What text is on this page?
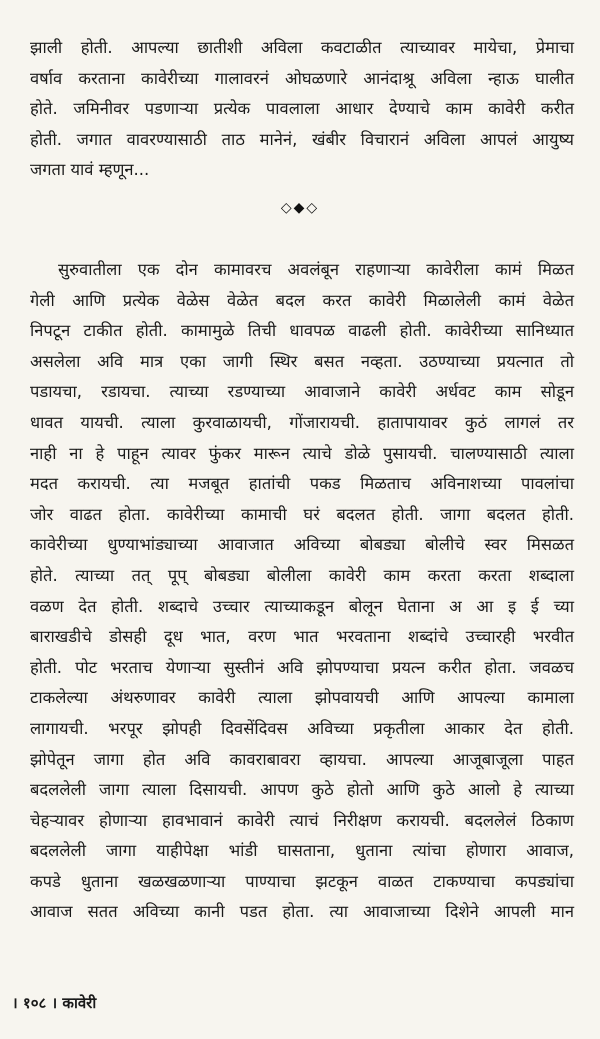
झाली होती. आपल्या छातीशी अविला कवटाळीत त्याच्यावर मायेचा, प्रेमाचा
वर्षाव करताना कावेरीच्या गालावरनं ओघळणारे आनंदाश्रू अविला न्हाऊ घालीत
होते. जमिनीवर पडणाऱ्या प्रत्येक पावलाला आधार देण्याचे काम कावेरी करीत
होती. जगात वावरण्यासाठी ताठ मानेनं, खंबीर विचारानं अविला आपलं आयुष्य
जगता यावं म्हणून...
◇◆◇
सुरुवातीला एक दोन कामावरच अवलंबून राहणाऱ्या कावेरीला कामं मिळत
गेली आणि प्रत्येक वेळेस वेळेत बदल करत कावेरी मिळालेली कामं वेळेत
निपटून टाकीत होती. कामामुळे तिची धावपळ वाढली होती. कावेरीच्या सानिध्यात
असलेला अवि मात्र एका जागी स्थिर बसत नव्हता. उठण्याच्या प्रयत्नात तो
पडायचा, रडायचा. त्याच्या रडण्याच्या आवाजाने कावेरी अर्धवट काम सोडून
धावत यायची. त्याला कुरवाळायची, गोंजारायची. हातापायावर कुठं लागलं तर
नाही ना हे पाहून त्यावर फुंकर मारून त्याचे डोळे पुसायची. चालण्यासाठी त्याला
मदत करायची. त्या मजबूत हातांची पकड मिळताच अविनाशच्या पावलांचा
जोर वाढत होता. कावेरीच्या कामाची घरं बदलत होती. जागा बदलत होती.
कावेरीच्या धुण्याभांड्याच्या आवाजात अविच्या बोबड्या बोलीचे स्वर मिसळत
होते. त्याच्या तत् पूप् बोबड्या बोलीला कावेरी काम करता करता शब्दाला
वळण देत होती. शब्दाचे उच्चार त्याच्याकडून बोलून घेताना अ आ इ ई च्या
बाराखडीचे डोसही दूध भात, वरण भात भरवताना शब्दांचे उच्चारही भरवीत
होती. पोट भरताच येणाऱ्या सुस्तीनं अवि झोपण्याचा प्रयत्न करीत होता. जवळच
टाकलेल्या अंथरुणावर कावेरी त्याला झोपवायची आणि आपल्या कामाला
लागायची. भरपूर झोपही दिवसेंदिवस अविच्या प्रकृतीला आकार देत होती.
झोपेतून जागा होत अवि कावराबावरा व्हायचा. आपल्या आजूबाजूला पाहत
बदललेली जागा त्याला दिसायची. आपण कुठे होतो आणि कुठे आलो हे त्याच्या
चेहऱ्यावर होणाऱ्या हावभावानं कावेरी त्याचं निरीक्षण करायची. बदललेलं ठिकाण
बदललेली जागा याहीपेक्षा भांडी घासताना, धुताना त्यांचा होणारा आवाज,
कपडे धुताना खळखळणाऱ्या पाण्याचा झटकून वाळत टाकण्याचा कपड्यांचा
आवाज सतत अविच्या कानी पडत होता. त्या आवाजाच्या दिशेने आपली मान
। १०८ । कावेरी
